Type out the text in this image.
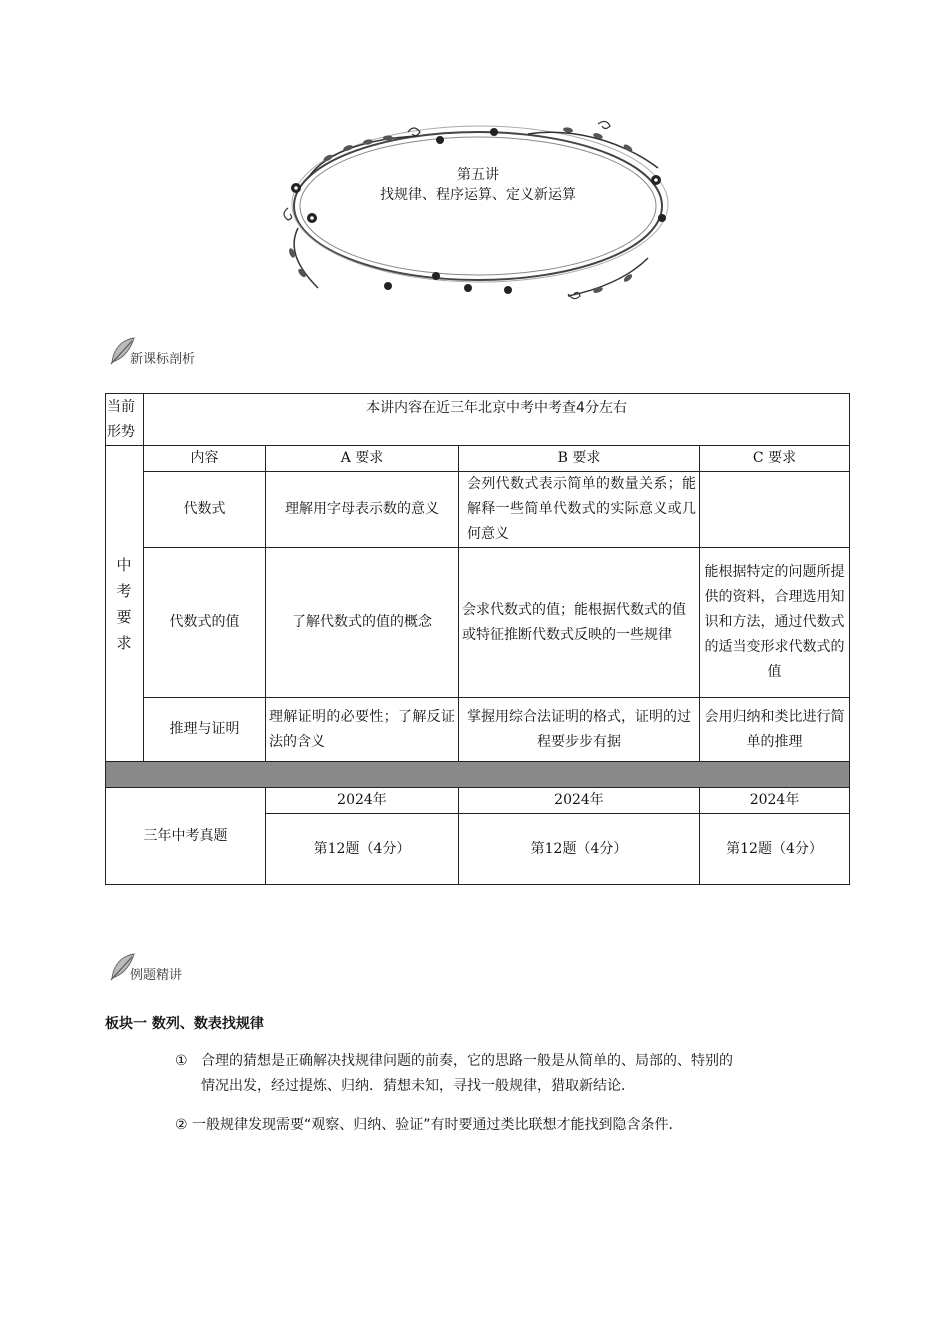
第五讲
找规律、程序运算、定义新运算
新课标剖析
当前
形势	本讲内容在近三年北京中考中考查4分左右			

中
考
要
求	内容	A 要求	B 要求	C 要求
	代数式	理解用字母表示数的意义	会列代数式表示简单的数量关系；能解释一些简单代数式的实际意义或几何意义	
	代数式的值	了解代数式的值的概念	会求代数式的值；能根据代数式的值或特征推断代数式反映的一些规律	能根据特定的问题所提供的资料，合理选用知识和方法，通过代数式的适当变形求代数式的值
	推理与证明	理解证明的必要性；了解反证法的含义	掌握用综合法证明的格式，证明的过程要步步有据	会用归纳和类比进行简单的推理

三年中考真题		2024年	2024年	2024年
		第12题（4分）	第12题（4分）	第12题（4分）
例题精讲
板块一 数列、数表找规律
① 合理的猜想是正确解决找规律问题的前奏，它的思路一般是从简单的、局部的、特别的
情况出发，经过提炼、归纳．猜想未知，寻找一般规律，猎取新结论．
② 一般规律发现需要“观察、归纳、验证”有时要通过类比联想才能找到隐含条件．
